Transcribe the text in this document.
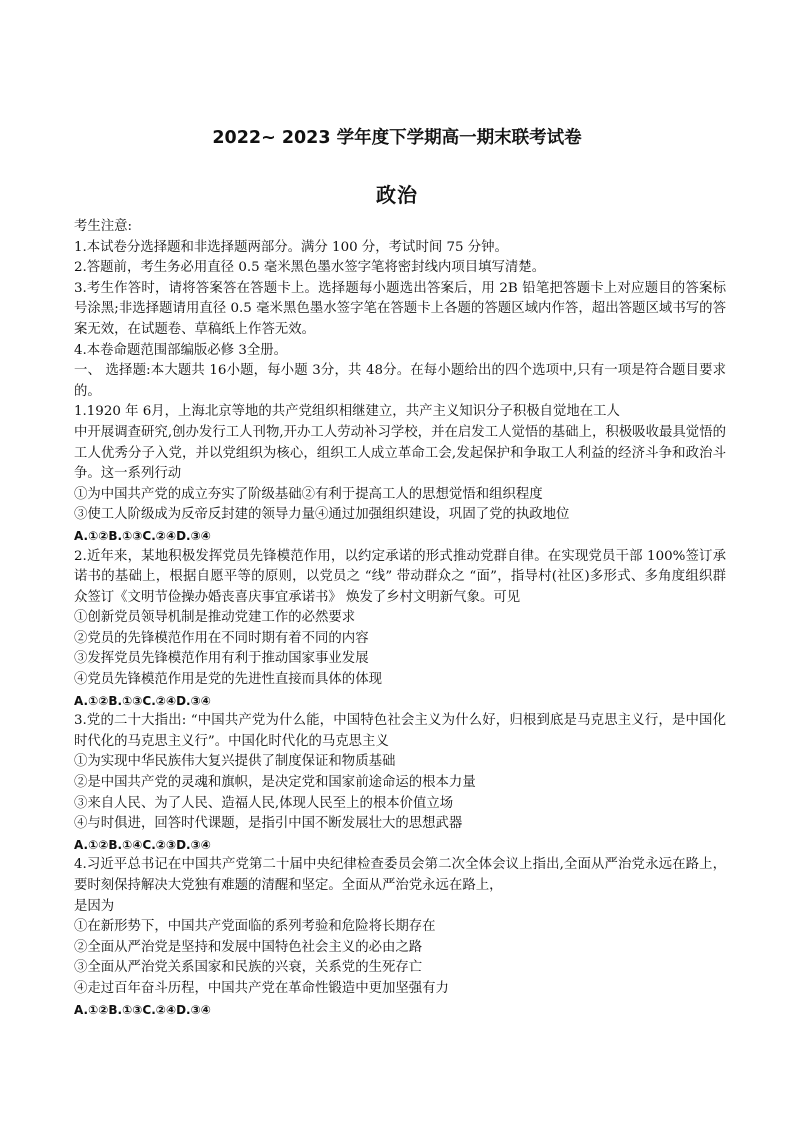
2022~ 2023 学年度下学期高一期末联考试卷
政治

考生注意:

1.本试卷分选择题和非选择题两部分。满分 100 分，考试时间 75 分钟。

2.答题前，考生务必用直径 0.5 毫米黑色墨水签字笔将密封线内项目填写清楚。

3.考生作答时，请将答案答在答题卡上。选择题每小题选出答案后，用 2B 铅笔把答题卡上对应题目的答案标号涂黑;非选择题请用直径 0.5 毫米黑色墨水签字笔在答题卡上各题的答题区域内作答，超出答题区域书写的答案无效，在试题卷、草稿纸上作答无效。

4.本卷命题范围部编版必修 3全册。

一、 选择题:本大题共 16小题，每小题 3分，共 48分。在每小题给出的四个选项中,只有一项是符合题目要求的。

1.1920 年 6月，上海北京等地的共产党组织相继建立，共产主义知识分子积极自觉地在工人

中开展调查研究,创办发行工人刊物,开办工人劳动补习学校，并在启发工人觉悟的基础上，积极吸收最具觉悟的工人优秀分子入党，并以党组织为核心，组织工人成立革命工会,发起保护和争取工人利益的经济斗争和政治斗争。这一系列行动

①为中国共产党的成立夯实了阶级基础②有利于提高工人的思想觉悟和组织程度

③使工人阶级成为反帝反封建的领导力量④通过加强组织建设，巩固了党的执政地位

A.①②B.①③C.②④D.③④

2.近年来，某地积极发挥党员先锋模范作用，以约定承诺的形式推动党群自律。在实现党员干部 100%签订承诺书的基础上，根据自愿平等的原则，以党员之 “线” 带动群众之 “面”，指导村(社区)多形式、多角度组织群众签订《文明节俭操办婚丧喜庆事宜承诺书》 焕发了乡村文明新气象。可见

①创新党员领导机制是推动党建工作的必然要求

②党员的先锋模范作用在不同时期有着不同的内容

③发挥党员先锋模范作用有利于推动国家事业发展

④党员先锋模范作用是党的先进性直接而具体的体现

A.①②B.①③C.②④D.③④

3.党的二十大指出: “中国共产党为什么能，中国特色社会主义为什么好，归根到底是马克思主义行，是中国化时代化的马克思主义行”。中国化时代化的马克思主义

①为实现中华民族伟大复兴提供了制度保证和物质基础

②是中国共产党的灵魂和旗帜，是决定党和国家前途命运的根本力量

③来自人民、为了人民、造福人民,体现人民至上的根本价值立场

④与时俱进，回答时代课题，是指引中国不断发展壮大的思想武器

A.①②B.①④C.②③D.③④

4.习近平总书记在中国共产党第二十届中央纪律检查委员会第二次全体会议上指出,全面从严治党永远在路上，要时刻保持解决大党独有难题的清醒和坚定。全面从严治党永远在路上，

是因为

①在新形势下，中国共产党面临的系列考验和危险将长期存在

②全面从严治党是坚持和发展中国特色社会主义的必由之路

③全面从严治党关系国家和民族的兴衰，关系党的生死存亡

④走过百年奋斗历程，中国共产党在革命性锻造中更加坚强有力

A.①②B.①③C.②④D.③④
